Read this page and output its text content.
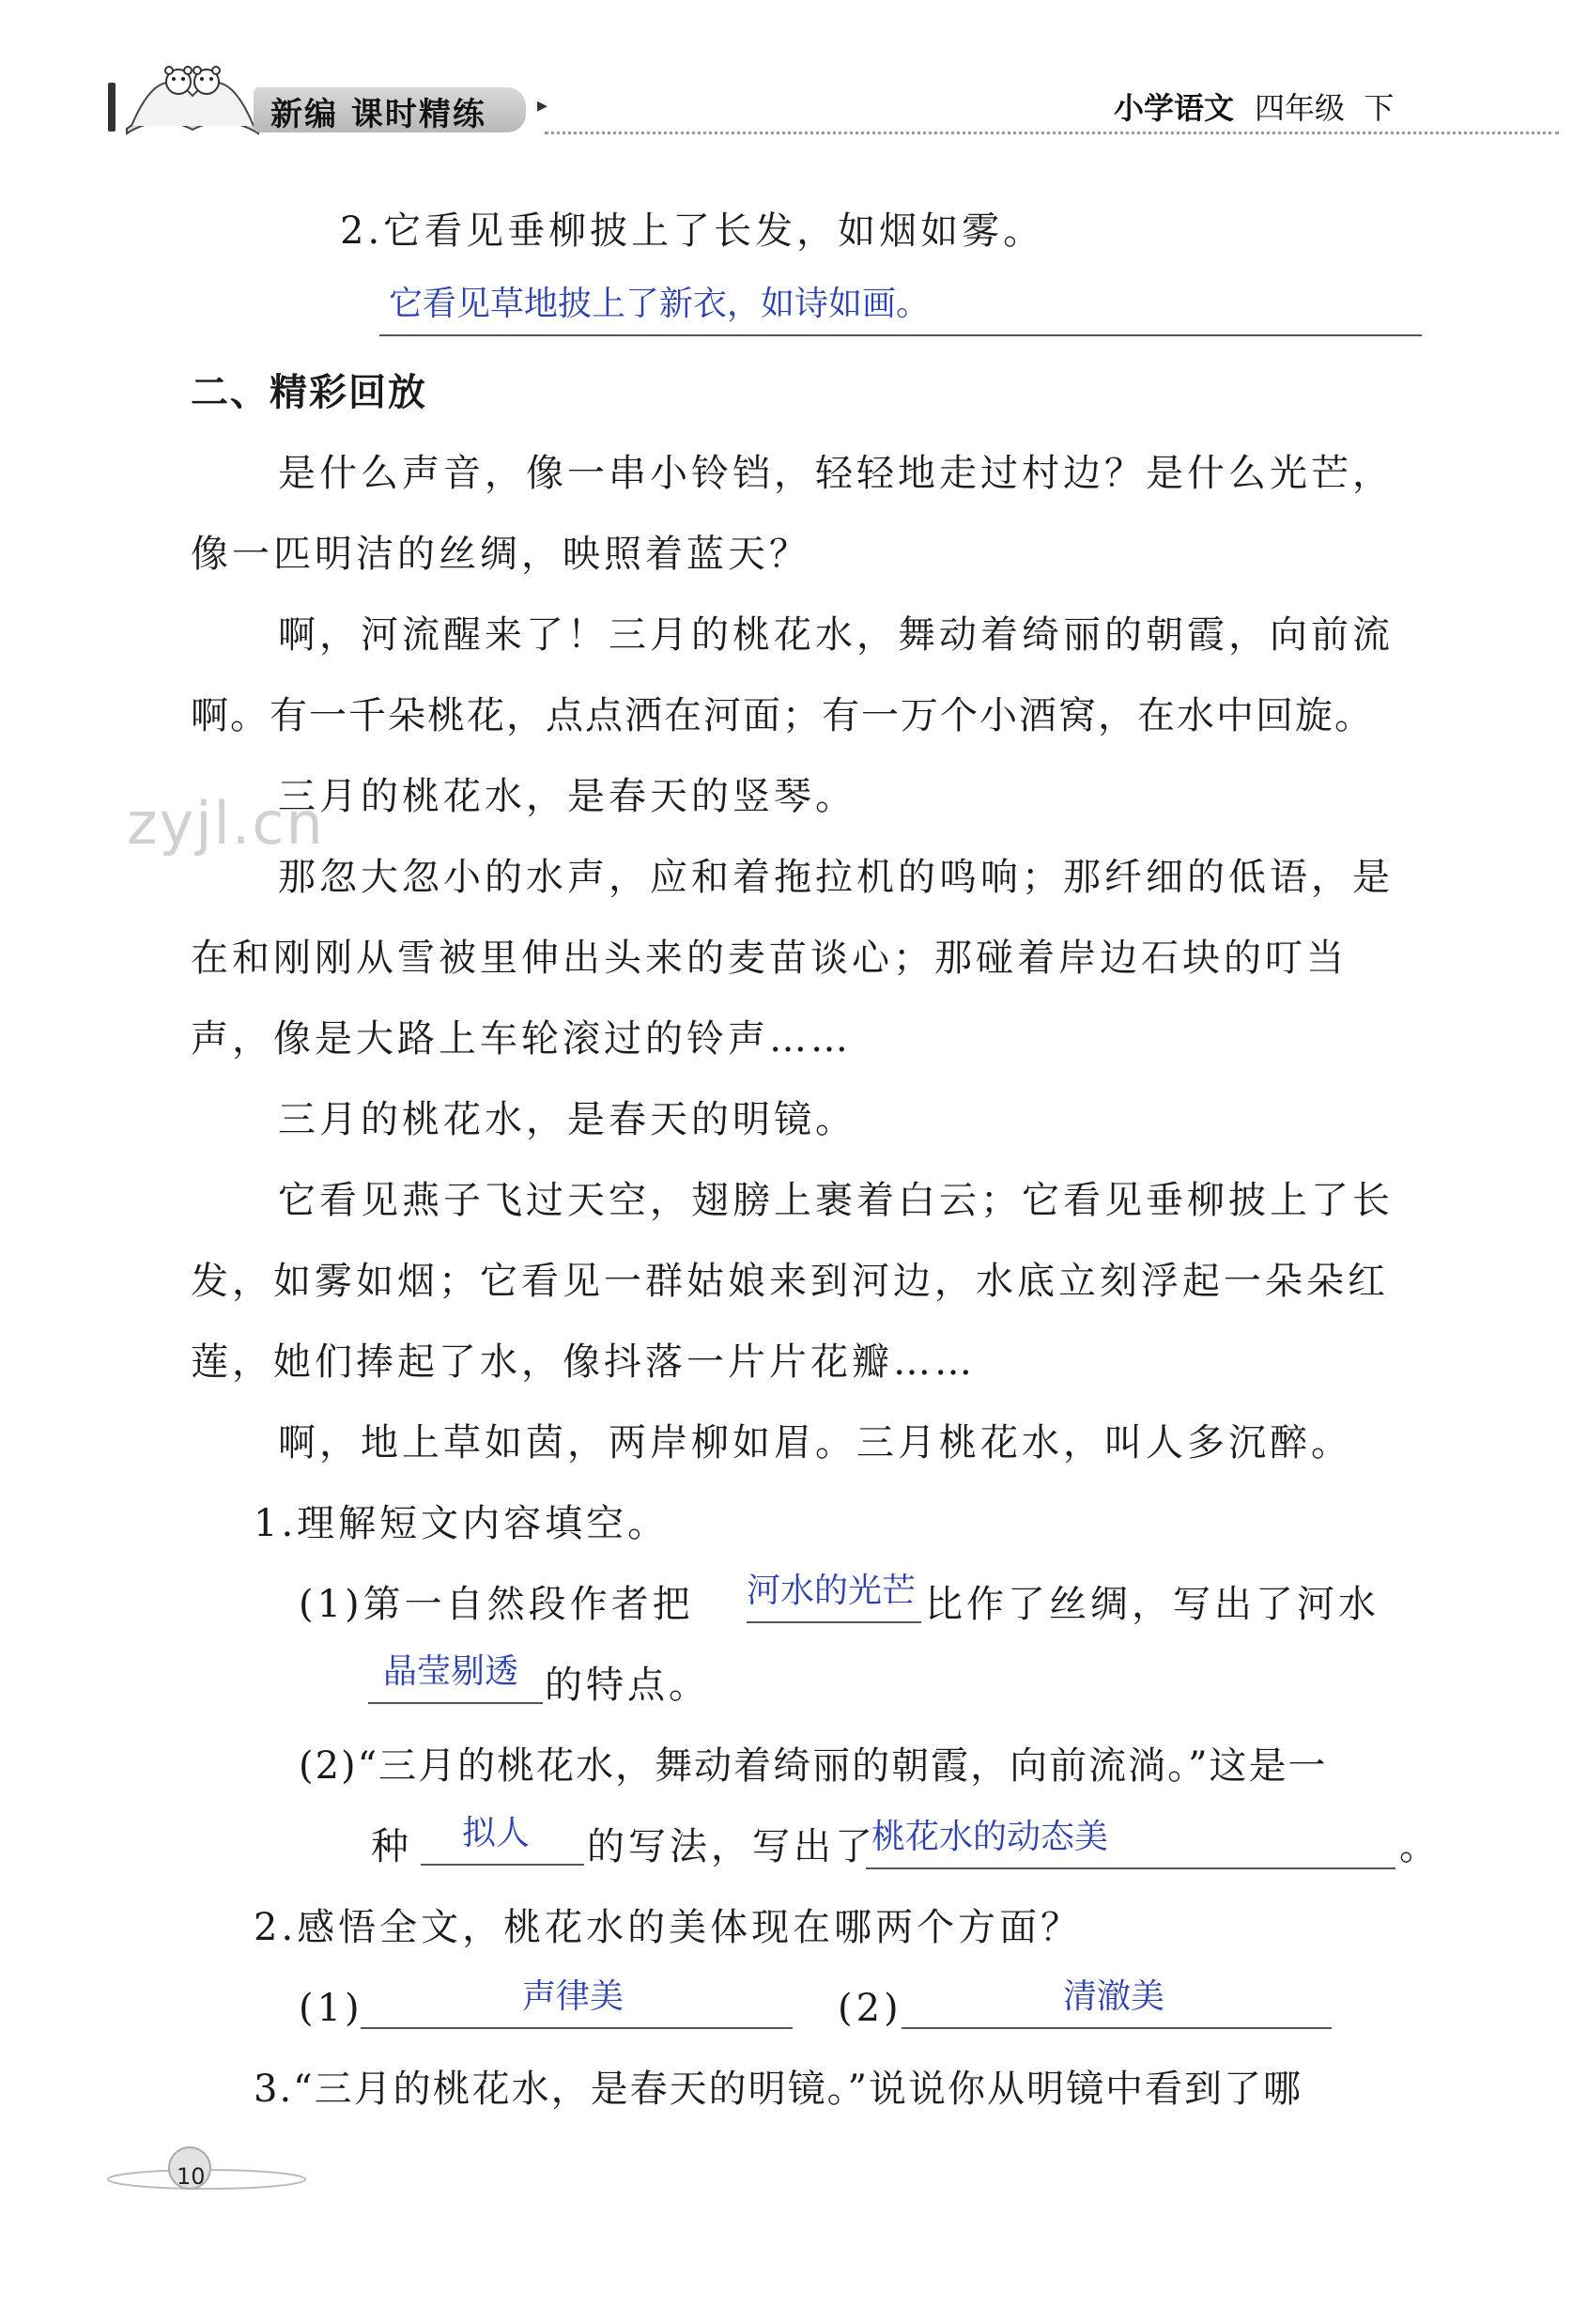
新编 课时精练 ▸	小学语文 四年级 下
2.它看见垂柳披上了长发，如烟如雾。
它看见草地披上了新衣，如诗如画。
二、精彩回放
是什么声音，像一串小铃铛，轻轻地走过村边？是什么光芒，
像一匹明洁的丝绸，映照着蓝天？
啊，河流醒来了！三月的桃花水，舞动着绮丽的朝霞，向前流
啊。有一千朵桃花，点点洒在河面；有一万个小酒窝，在水中回旋。
三月的桃花水，是春天的竖琴。
zyjl.cn
那忽大忽小的水声，应和着拖拉机的鸣响；那纤细的低语，是
在和刚刚从雪被里伸出头来的麦苗谈心；那碰着岸边石块的叮当
声，像是大路上车轮滚过的铃声……
三月的桃花水，是春天的明镜。
它看见燕子飞过天空，翅膀上裹着白云；它看见垂柳披上了长
发，如雾如烟；它看见一群姑娘来到河边，水底立刻浮起一朵朵红
莲，她们捧起了水，像抖落一片片花瓣……
啊，地上草如茵，两岸柳如眉。三月桃花水，叫人多沉醉。
1.理解短文内容填空。
(1)第一自然段作者把 河水的光芒 比作了丝绸，写出了河水
晶莹剔透 的特点。
(2)“三月的桃花水，舞动着绮丽的朝霞，向前流淌。”这是一
种 拟人 的写法，写出了
桃花水的动态美	。
2.感悟全文，桃花水的美体现在哪两个方面？
(1)	声律美	(2)	清澈美
3.“三月的桃花水，是春天的明镜。”说说你从明镜中看到了哪
10
